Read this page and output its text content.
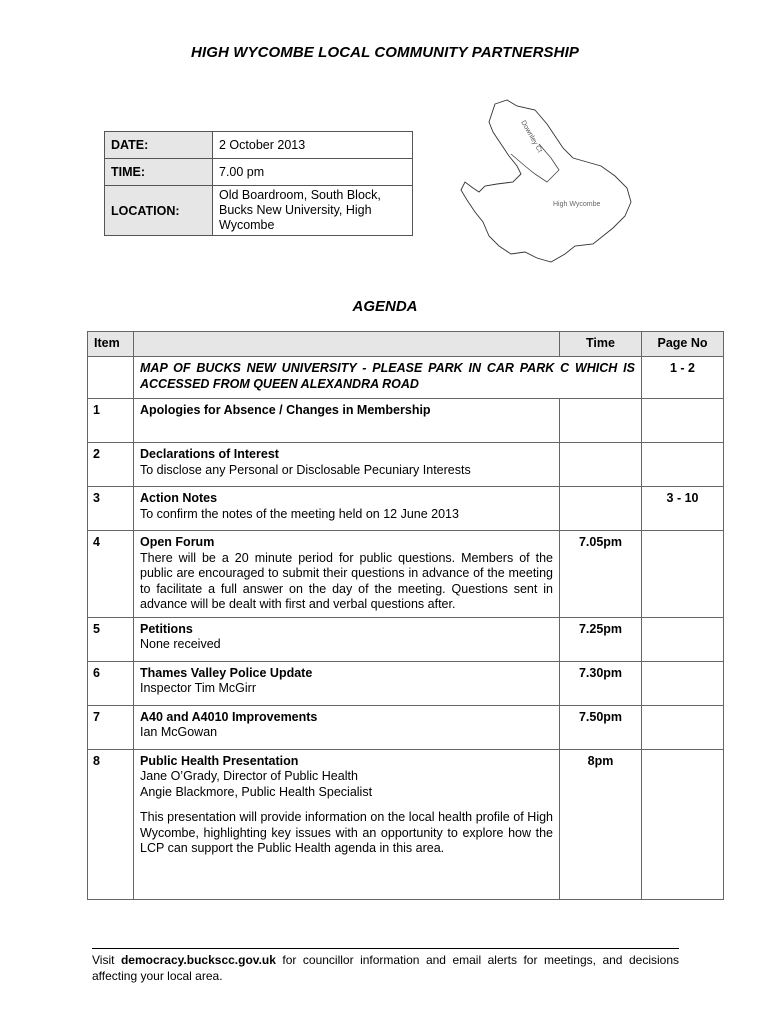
HIGH WYCOMBE LOCAL COMMUNITY PARTNERSHIP
DATE:	2 October 2013
TIME:	7.00 pm
LOCATION:	Old Boardroom, South Block, Bucks New University, High Wycombe
Downley Ct
High Wycombe
AGENDA
Item		Time	Page No
	MAP OF BUCKS NEW UNIVERSITY - PLEASE PARK IN CAR PARK C WHICH IS ACCESSED FROM QUEEN ALEXANDRA ROAD		1 - 2
1	Apologies for Absence / Changes in Membership		

2	Declarations of Interest
To disclose any Personal or Disclosable Pecuniary Interests		

3	Action Notes
To confirm the notes of the meeting held on 12 June 2013		3 - 10
4	Open Forum
There will be a 20 minute period for public questions. Members of the public are encouraged to submit their questions in advance of the meeting to facilitate a full answer on the day of the meeting. Questions sent in advance will be dealt with first and verbal questions after.	7.05pm	
5	Petitions
None received	7.25pm	
6	Thames Valley Police Update
Inspector Tim McGirr	7.30pm	
7	A40 and A4010 Improvements
Ian McGowan	7.50pm	
8	Public Health Presentation
Jane O’Grady, Director of Public Health
Angie Blackmore, Public Health Specialist
This presentation will provide information on the local health profile of High Wycombe, highlighting key issues with an opportunity to explore how the LCP can support the Public Health agenda in this area.	8pm	
Visit democracy.buckscc.gov.uk for councillor information and email alerts for meetings, and decisions affecting your local area.
